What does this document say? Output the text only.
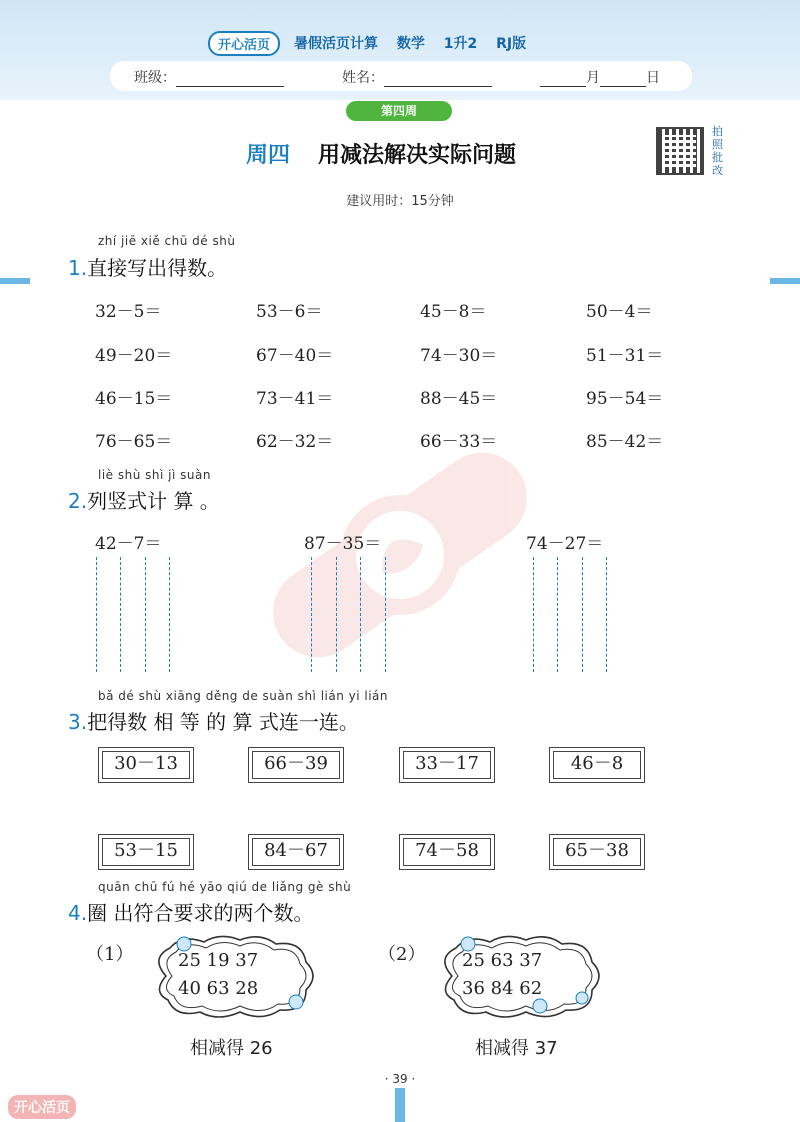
开心活页 暑假活页计算 数学 1升2 RJ版
班级：	姓名：	月	日
第四周
周四 用减法解决实际问题
建议用时：15分钟
拍照批改
zhí jiē xiě chū dé shù
1.直接写出得数。
32－5＝	53－6＝	45－8＝	50－4＝
49－20＝	67－40＝	74－30＝	51－31＝
46－15＝	73－41＝	88－45＝	95－54＝
76－65＝	62－32＝	66－33＝	85－42＝
liè shù shì jì suàn
2.列竖式计 算 。
42－7＝	87－35＝	74－27＝
bǎ dé shù xiāng děng de suàn shì lián yi lián
3.把得数 相 等 的 算 式连一连。
30－13	66－39	33－17	46－8
53－15	84－67	74－58	65－38
quān chū fú hé yāo qiú de liǎng gè shù
4.圈 出符合要求的两个数。
（1） 25 19 37
40 63 28
相减得 26
（2） 25 63 37
36 84 62
相减得 37
· 39 ·
开心活页
